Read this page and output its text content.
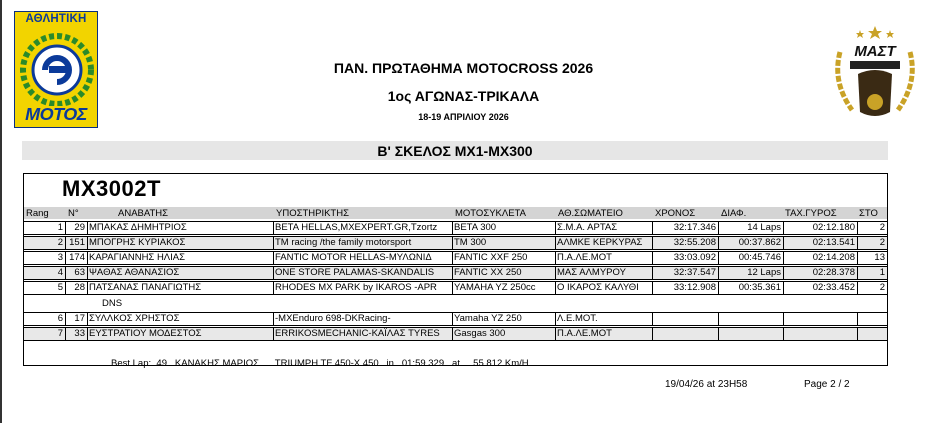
ΑΘΛΗΤΙΚΗ
ΜΟΤΟΣ
ΜΑΣΤ
ΠΑΝ. ΠΡΩΤΑΘΗΜΑ MOTOCROSS 2026
1ος ΑΓΩΝΑΣ-ΤΡΙΚΑΛΑ
18-19 ΑΠΡΙΛΙΟΥ 2026
Β' ΣΚΕΛΟΣ ΜΧ1-ΜΧ300
MX3002T
Rang N°	ΑΝΑΒΑΤΗΣ	ΥΠΟΣΤΗΡΙΚΤΗΣ	ΜΟΤΟΣΥΚΛΕΤΑ	ΑΘ.ΣΩΜΑΤΕΙΟ	ΧΡΟΝΟΣ	ΔΙΑΦ.	ΤΑΧ.ΓΥΡΟΣ ΣΤΟ
1	29 ΜΠΑΚΑΣ ΔΗΜΗΤΡΙΟΣ	BETA HELLAS,MXEXPERT.GR,Tzortz	BETA 300	Σ.Μ.Α. ΑΡΤΑΣ	32:17.346	14 Laps	02:12.180	2
2 151 ΜΠΟΓΡΗΣ ΚΥΡΙΑΚΟΣ	TM racing /the family motorsport	TM 300	ΑΛΜΚΕ ΚΕΡΚΥΡΑΣ	32:55.208	00:37.862	02:13.541	2
3 174 ΚΑΡΑΓΙΑΝΝΗΣ ΗΛΙΑΣ	FANTIC MOTOR HELLAS-ΜΥΛΩΝΙΔ	FANTIC XXF 250	Π.Α.ΛΕ.ΜΟΤ	33:03.092	00:45.746	02:14.208	13
4	63 ΨΑΘΑΣ ΑΘΑΝΑΣΙΟΣ	ONE STORE PALAMAS-SKANDALIS	FANTIC XX 250	ΜΑΣ ΑΛΜΥΡΟΥ	32:37.547	12 Laps	02:28.378	1
5	28 ΠΑΤΣΑΝΑΣ ΠΑΝΑΓΙΩΤΗΣ	RHODES MX PARK by IKAROS -APR	YAMAHA YZ 250cc	Ο ΙΚΑΡΟΣ ΚΑΛΥΘΙ	33:12.908	00:35.361	02:33.452	2
6	17 ΣΥΛΛΚΟΣ ΧΡΗΣΤΟΣ	-MXEnduro 698-DKRacing-	Yamaha YZ 250	Λ.Ε.ΜΟΤ.
7	33 ΕΥΣΤΡΑΤΙΟΥ ΜΟΔΕΣΤΟΣ	ERRIKOSMECHANIC-ΚΑΪΛΑΣ TYRES	Gasgas 300	Π.Α.ΛΕ.ΜΟΤ
DNS
Best Lap:  49   ΚΑΝΑΚΗΣ ΜΑΡΙΟΣ      TRIUMPH TF 450-X 450   in   01:59.329   at     55.812 Km/H
19/04/26 at 23H58	Page 2 / 2
